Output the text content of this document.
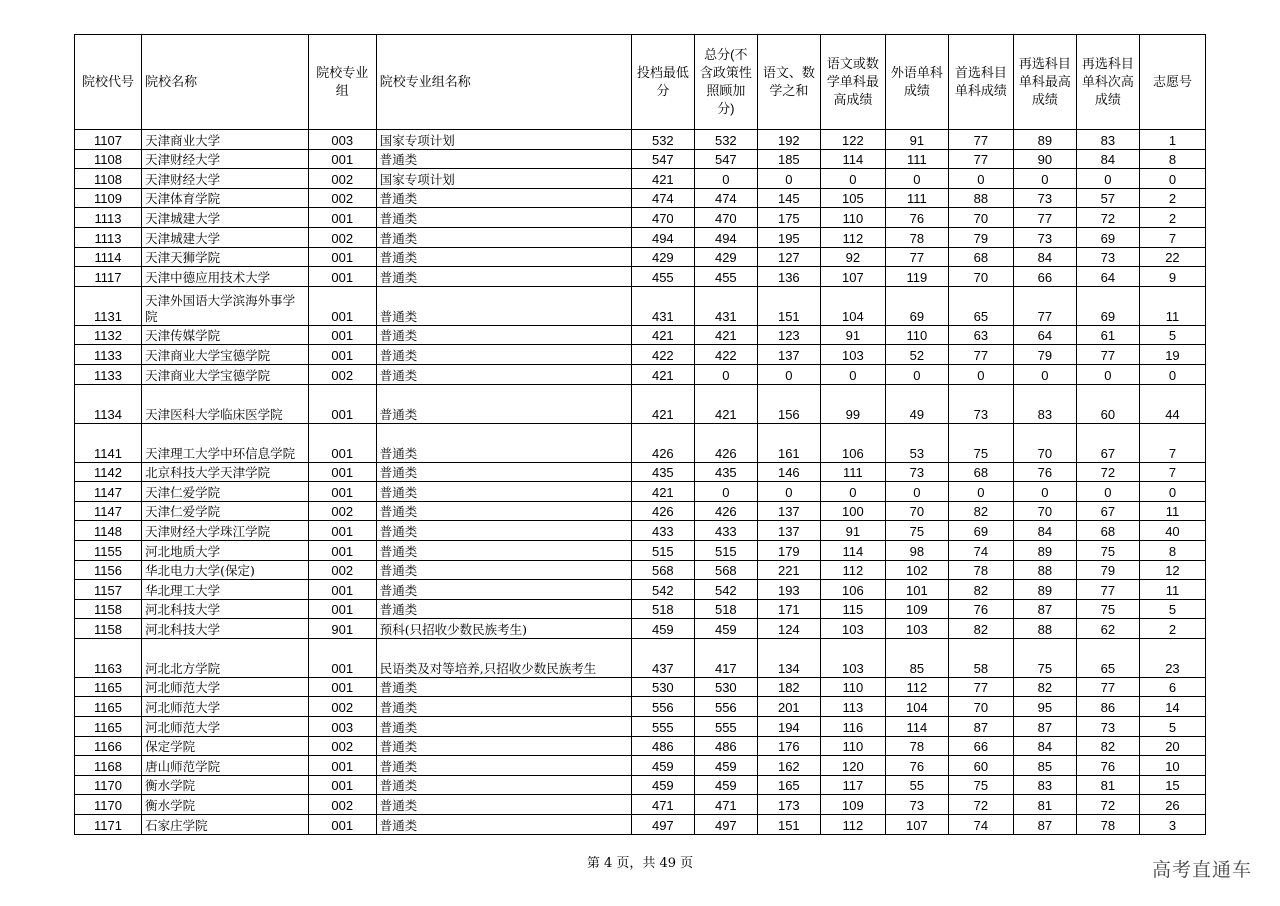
院校代号	院校名称	院校专业组	院校专业组名称	投档最低分	总分(不含政策性照顾加分)	语文、数学之和	语文或数学单科最高成绩	外语单科成绩	首选科目单科成绩	再选科目单科最高成绩	再选科目单科次高成绩	志愿号
1107	天津商业大学	003	国家专项计划	532	532	192	122	91	77	89	83	1
1108	天津财经大学	001	普通类	547	547	185	114	111	77	90	84	8
1108	天津财经大学	002	国家专项计划	421	0	0	0	0	0	0	0	0
1109	天津体育学院	002	普通类	474	474	145	105	111	88	73	57	2
1113	天津城建大学	001	普通类	470	470	175	110	76	70	77	72	2
1113	天津城建大学	002	普通类	494	494	195	112	78	79	73	69	7
1114	天津天狮学院	001	普通类	429	429	127	92	77	68	84	73	22
1117	天津中德应用技术大学	001	普通类	455	455	136	107	119	70	66	64	9
1131	天津外国语大学滨海外事学院	001	普通类	431	431	151	104	69	65	77	69	11
1132	天津传媒学院	001	普通类	421	421	123	91	110	63	64	61	5
1133	天津商业大学宝德学院	001	普通类	422	422	137	103	52	77	79	77	19
1133	天津商业大学宝德学院	002	普通类	421	0	0	0	0	0	0	0	0
1134	天津医科大学临床医学院	001	普通类	421	421	156	99	49	73	83	60	44
1141	天津理工大学中环信息学院	001	普通类	426	426	161	106	53	75	70	67	7
1142	北京科技大学天津学院	001	普通类	435	435	146	111	73	68	76	72	7
1147	天津仁爱学院	001	普通类	421	0	0	0	0	0	0	0	0
1147	天津仁爱学院	002	普通类	426	426	137	100	70	82	70	67	11
1148	天津财经大学珠江学院	001	普通类	433	433	137	91	75	69	84	68	40
1155	河北地质大学	001	普通类	515	515	179	114	98	74	89	75	8
1156	华北电力大学(保定)	002	普通类	568	568	221	112	102	78	88	79	12
1157	华北理工大学	001	普通类	542	542	193	106	101	82	89	77	11
1158	河北科技大学	001	普通类	518	518	171	115	109	76	87	75	5
1158	河北科技大学	901	预科(只招收少数民族考生)	459	459	124	103	103	82	88	62	2
1163	河北北方学院	001	民语类及对等培养,只招收少数民族考生	437	417	134	103	85	58	75	65	23
1165	河北师范大学	001	普通类	530	530	182	110	112	77	82	77	6
1165	河北师范大学	002	普通类	556	556	201	113	104	70	95	86	14
1165	河北师范大学	003	普通类	555	555	194	116	114	87	87	73	5
1166	保定学院	002	普通类	486	486	176	110	78	66	84	82	20
1168	唐山师范学院	001	普通类	459	459	162	120	76	60	85	76	10
1170	衡水学院	001	普通类	459	459	165	117	55	75	83	81	15
1170	衡水学院	002	普通类	471	471	173	109	73	72	81	72	26
1171	石家庄学院	001	普通类	497	497	151	112	107	74	87	78	3
第 4 页，共 49 页	高考直通车
